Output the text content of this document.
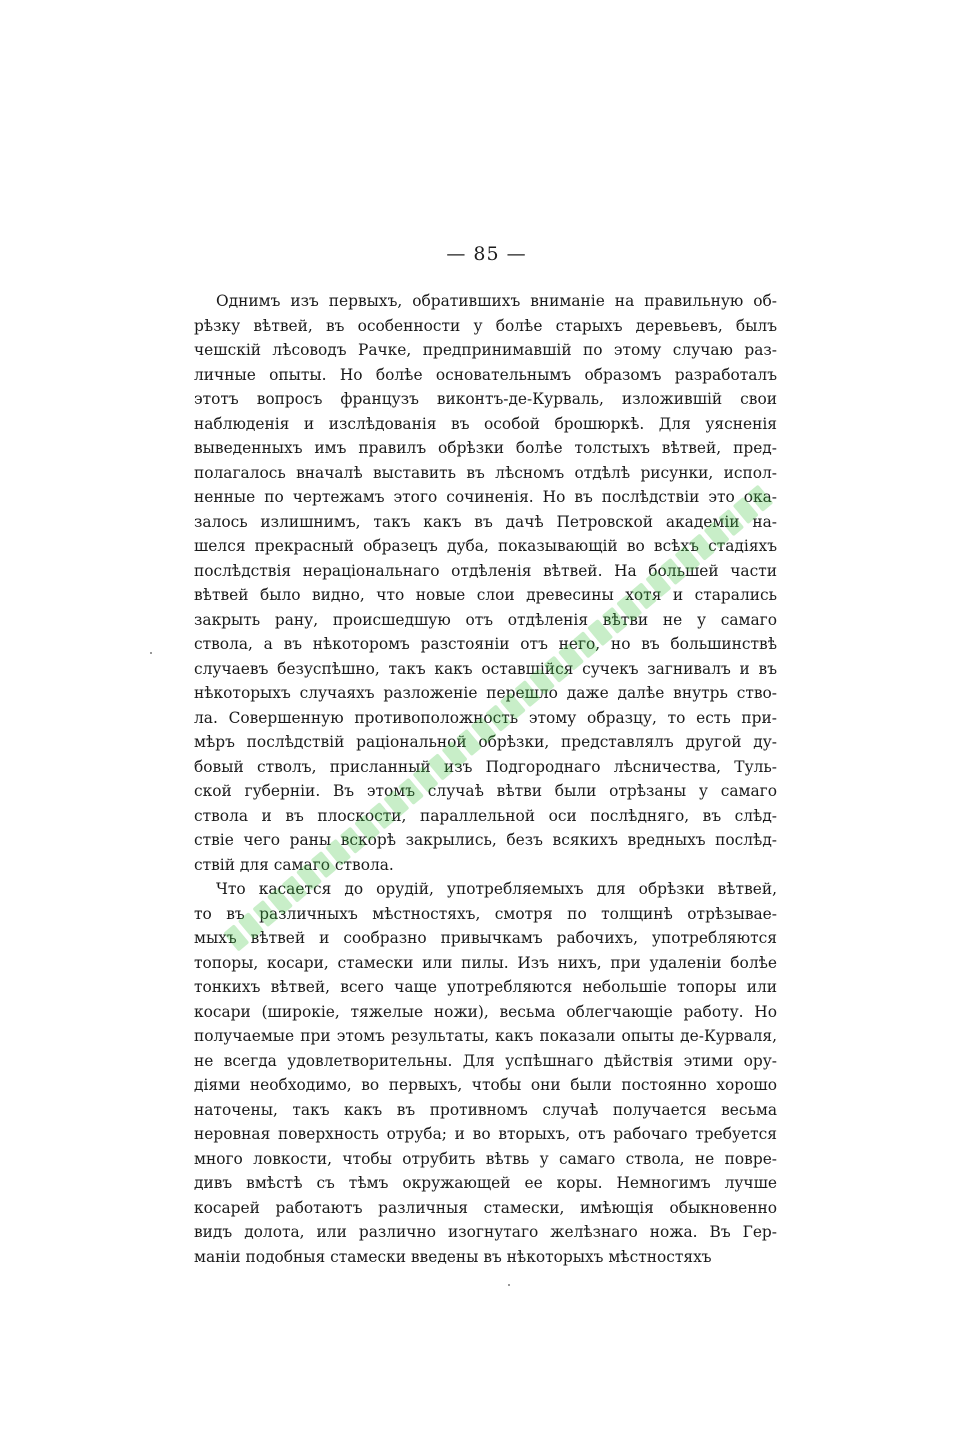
— 85 —
Однимъ изъ первыхъ, обратившихъ вниманіе на правильную об-
рѣзку вѣтвей, въ особенности у болѣе старыхъ деревьевъ, былъ
чешскій лѣсоводъ Рачке, предпринимавшій по этому случаю раз-
личные опыты. Но болѣе основательнымъ образомъ разработалъ
этотъ вопросъ французъ виконтъ-де-Курваль, изложившій свои
наблюденія и изслѣдованія въ особой брошюркѣ. Для уясненія
выведенныхъ имъ правилъ обрѣзки болѣе толстыхъ вѣтвей, пред-
полагалось вначалѣ выставить въ лѣсномъ отдѣлѣ рисунки, испол-
ненные по чертежамъ этого сочиненія. Но въ послѣдствіи это ока-
залось излишнимъ, такъ какъ въ дачѣ Петровской академіи на-
шелся прекрасный образецъ дуба, показывающій во всѣхъ стадіяхъ
послѣдствія нераціональнаго отдѣленія вѣтвей. На большей части
вѣтвей было видно, что новые слои древесины хотя и старались
закрыть рану, происшедшую отъ отдѣленія вѣтви не у самаго
ствола, а въ нѣкоторомъ разстояніи отъ него, но въ большинствѣ
случаевъ безуспѣшно, такъ какъ оставшійся сучекъ загнивалъ и въ
нѣкоторыхъ случаяхъ разложеніе перешло даже далѣе внутрь ство-
ла. Совершенную противоположность этому образцу, то есть при-
мѣръ послѣдствій раціональной обрѣзки, представлялъ другой ду-
бовый стволъ, присланный изъ Подгороднаго лѣсничества, Туль-
ской губерніи. Въ этомъ случаѣ вѣтви были отрѣзаны у самаго
ствола и въ плоскости, параллельной оси послѣдняго, въ слѣд-
ствіе чего раны вскорѣ закрылись, безъ всякихъ вредныхъ послѣд-
ствій для самаго ствола.
Что касается до орудій, употребляемыхъ для обрѣзки вѣтвей,
то въ различныхъ мѣстностяхъ, смотря по толщинѣ отрѣзывае-
мыхъ вѣтвей и сообразно привычкамъ рабочихъ, употребляются
топоры, косари, стамески или пилы. Изъ нихъ, при удаленіи болѣе
тонкихъ вѣтвей, всего чаще употребляются небольшіе топоры или
косари (широкіе, тяжелые ножи), весьма облегчающіе работу. Но
получаемые при этомъ результаты, какъ показали опыты де-Курваля,
не всегда удовлетворительны. Для успѣшнаго дѣйствія этими ору-
діями необходимо, во первыхъ, чтобы они были постоянно хорошо
наточены, такъ какъ въ противномъ случаѣ получается весьма
неровная поверхность отруба; и во вторыхъ, отъ рабочаго требуется
много ловкости, чтобы отрубить вѣтвь у самаго ствола, не повре-
дивъ вмѣстѣ съ тѣмъ окружающей ее коры. Немногимъ лучше
косарей работаютъ различныя стамески, имѣющія обыкновенно
видъ долота, или различно изогнутаго желѣзнаго ножа. Въ Гер-
маніи подобныя стамески введены въ нѣкоторыхъ мѣстностяхъ
